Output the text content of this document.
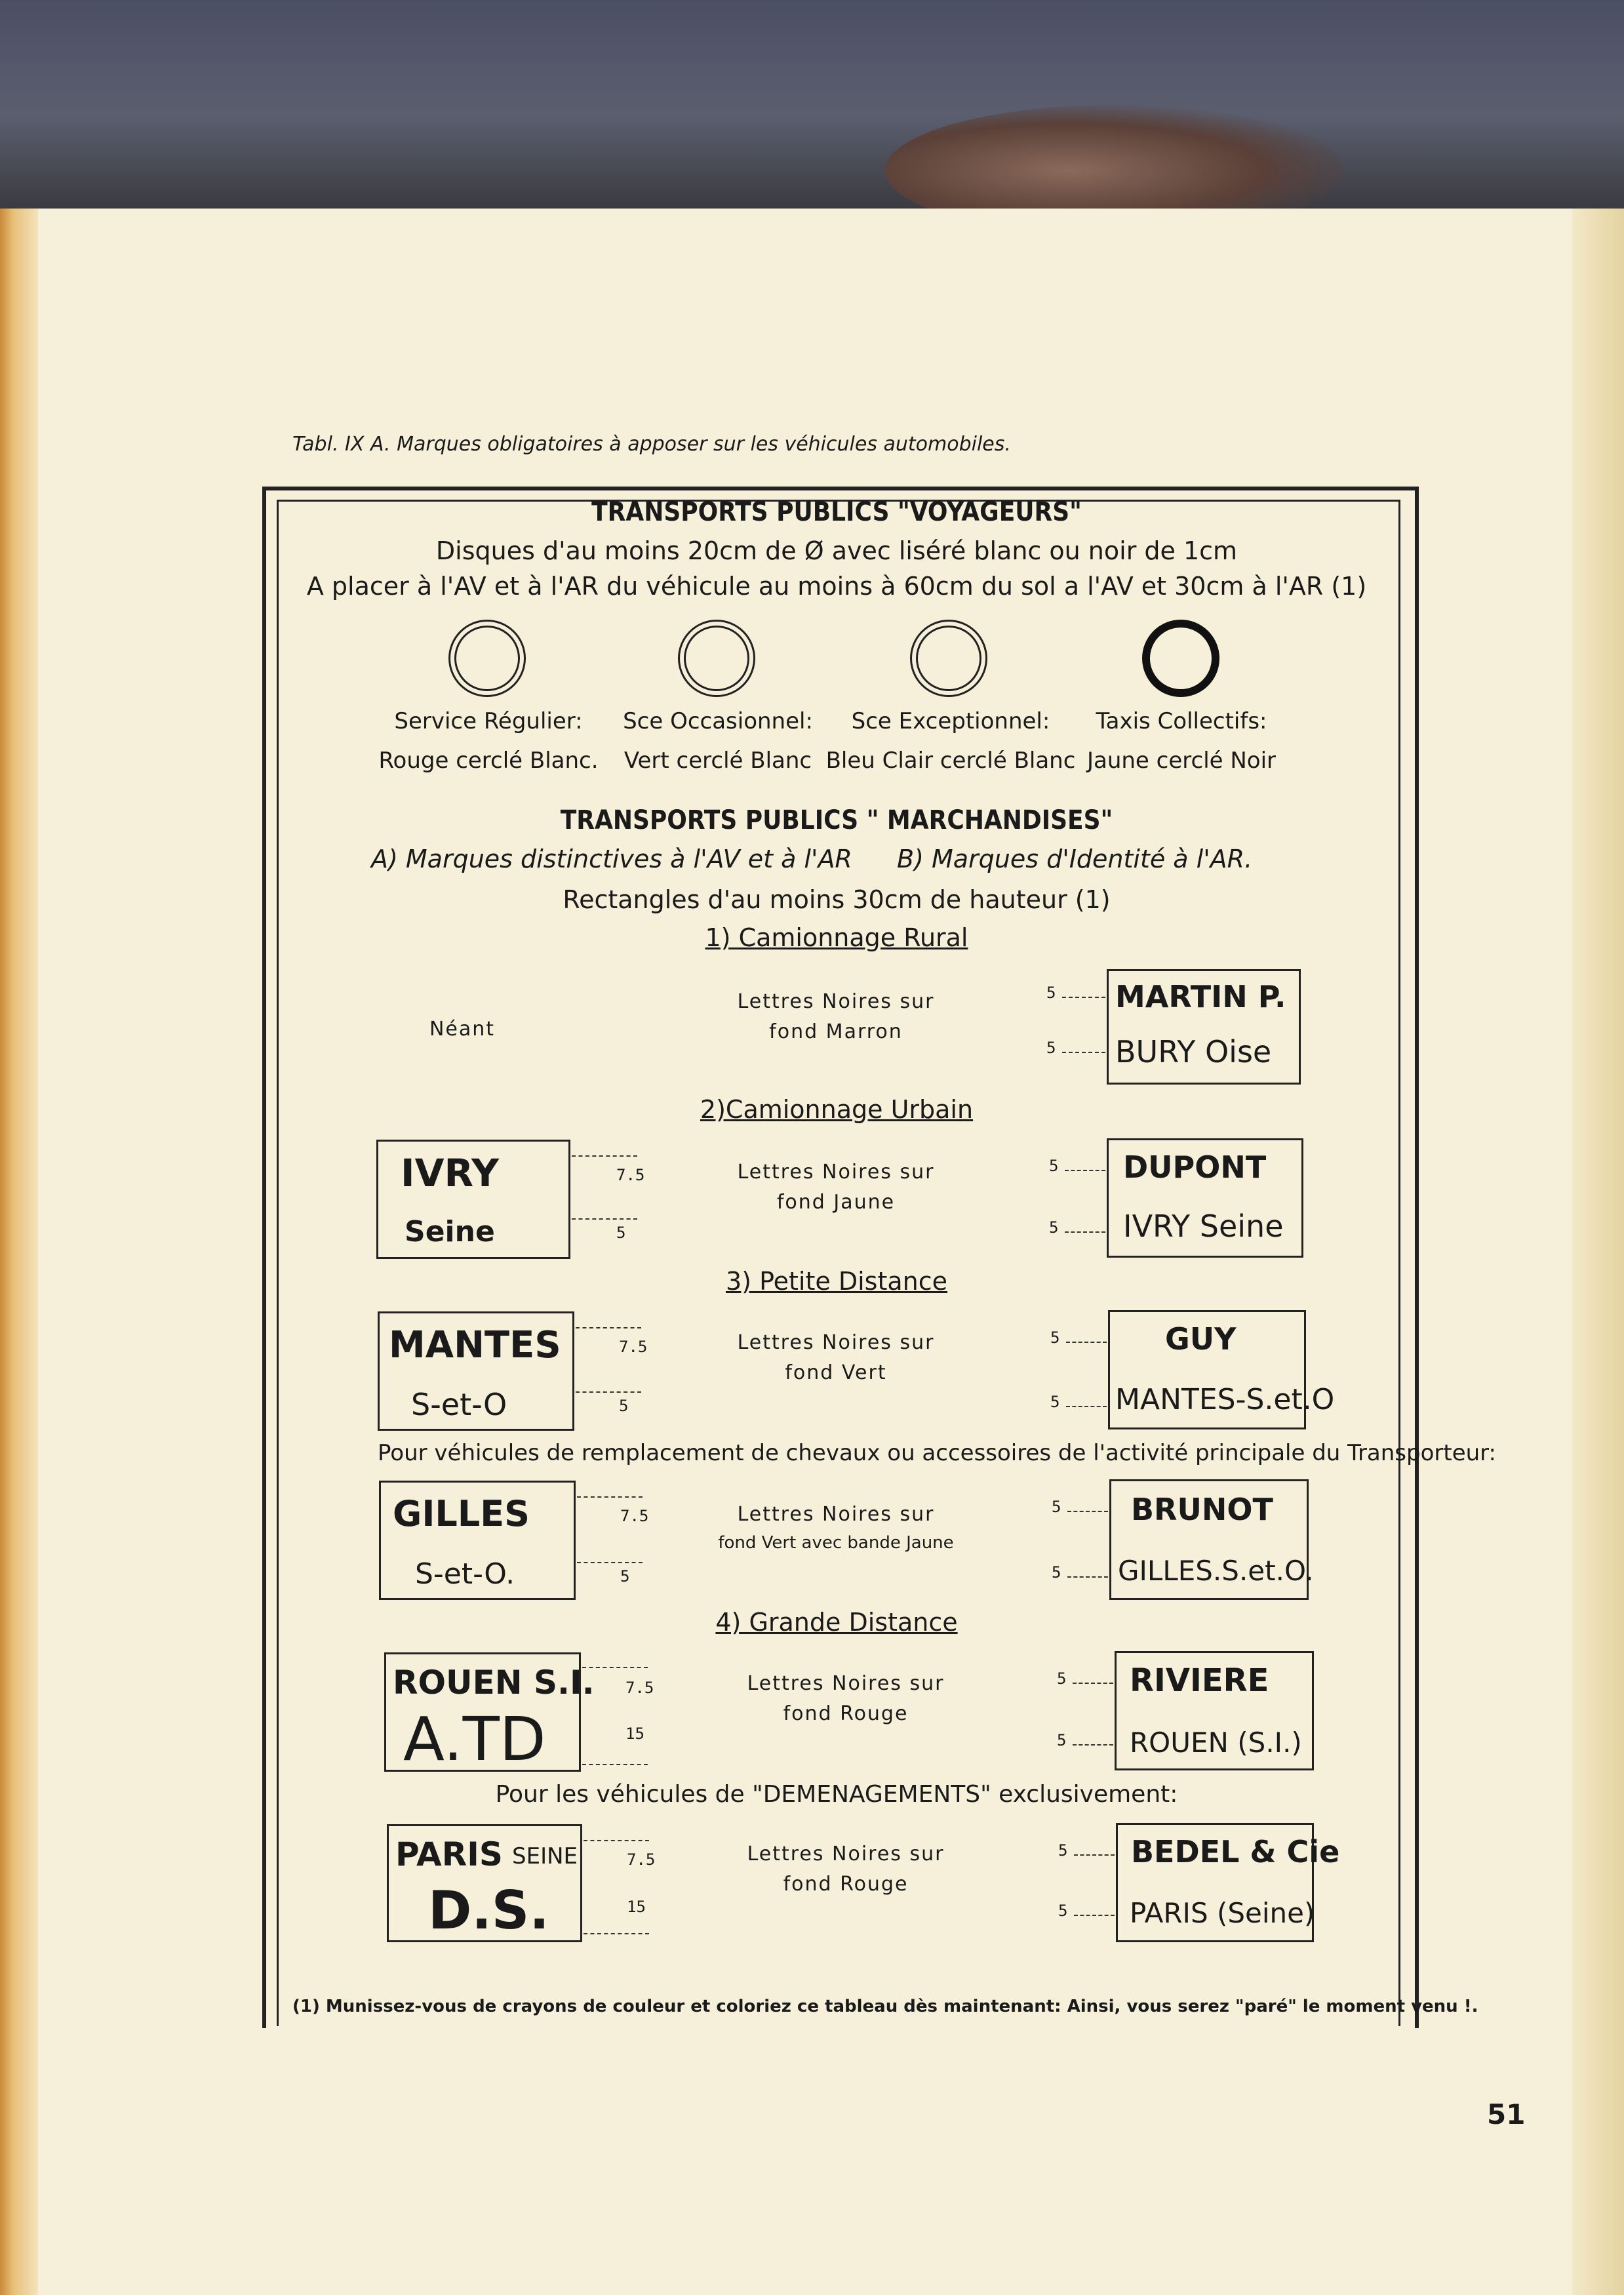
Tabl. IX A. Marques obligatoires à apposer sur les véhicules automobiles.
TRANSPORTS PUBLICS "VOYAGEURS"
Disques d'au moins 20cm de Ø avec liséré blanc ou noir de 1cm
A placer à l'AV et à l'AR du véhicule au moins à 60cm du sol a l'AV et 30cm à l'AR (1)
Service Régulier:
Rouge cerclé Blanc.
Sce Occasionnel:
Vert cerclé Blanc
Sce Exceptionnel:
Bleu Clair cerclé Blanc
Taxis Collectifs:
Jaune cerclé Noir
TRANSPORTS PUBLICS " MARCHANDISES"
A) Marques distinctives à l'AV et à l'AR B) Marques d'Identité à l'AR.
Rectangles d'au moins 30cm de hauteur (1)
1) Camionnage Rural
Néant
Lettres Noires sur
fond Marron
MARTIN P.
BURY Oise
5
5
2)Camionnage Urbain
IVRY
Seine
7.5
5
Lettres Noires sur
fond Jaune
DUPONT
IVRY Seine
5
5
3) Petite Distance
MANTES
S-et-O
7.5
5
Lettres Noires sur
fond Vert
GUY
MANTES-S.et.O
5
5
Pour véhicules de remplacement de chevaux ou accessoires de l'activité principale du Transporteur:
GILLES
S-et-O.
7.5
5
Lettres Noires sur
fond Vert avec bande Jaune
BRUNOT
GILLES.S.et.O.
5
5
4) Grande Distance
ROUEN S.I.
A.TD
7.5
15
Lettres Noires sur
fond Rouge
RIVIERE
ROUEN (S.I.)
5
5
Pour les véhicules de "DEMENAGEMENTS" exclusivement:
PARIS SEINE
D.S.
7.5
15
Lettres Noires sur
fond Rouge
BEDEL & Cie
PARIS (Seine)
5
5
(1) Munissez-vous de crayons de couleur et coloriez ce tableau dès maintenant: Ainsi, vous serez "paré" le moment venu !.
51
